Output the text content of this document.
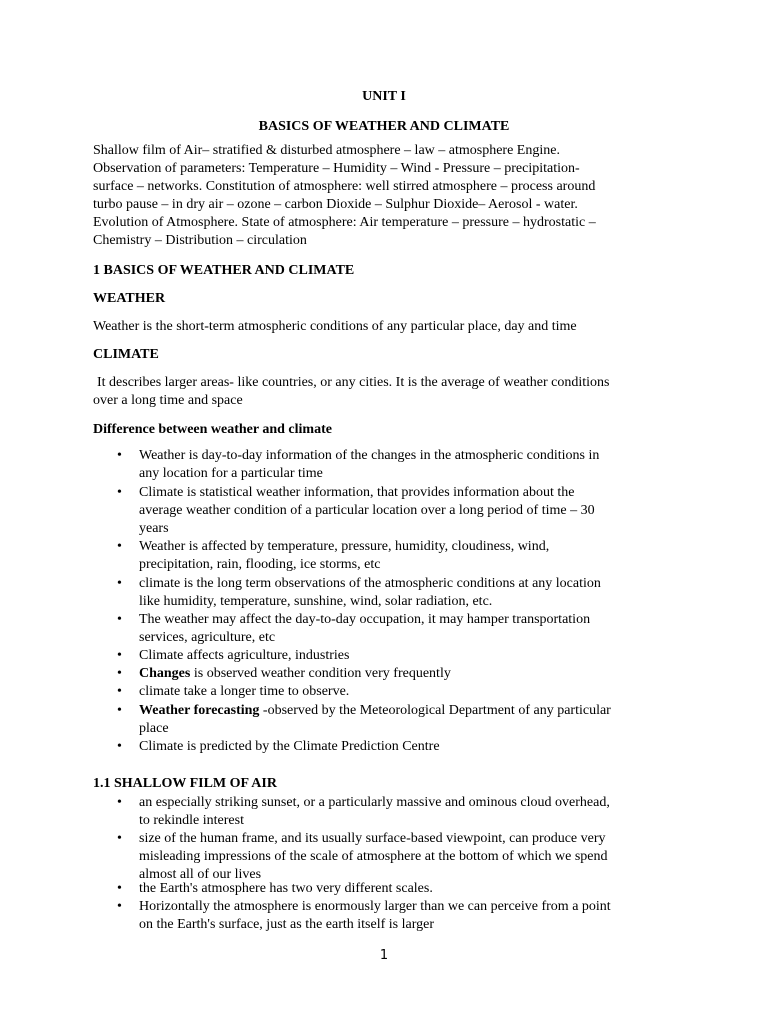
UNIT I
BASICS OF WEATHER AND CLIMATE
Shallow film of Air– stratified & disturbed atmosphere – law – atmosphere Engine.
Observation of parameters: Temperature – Humidity – Wind - Pressure – precipitation-
surface – networks. Constitution of atmosphere: well stirred atmosphere – process around
turbo pause – in dry air – ozone – carbon Dioxide – Sulphur Dioxide– Aerosol - water.
Evolution of Atmosphere. State of atmosphere: Air temperature – pressure – hydrostatic –
Chemistry – Distribution – circulation
1 BASICS OF WEATHER AND CLIMATE
WEATHER
Weather is the short-term atmospheric conditions of any particular place, day and time
CLIMATE
It describes larger areas- like countries, or any cities. It is the average of weather conditions
over a long time and space
Difference between weather and climate
• Weather is day-to-day information of the changes in the atmospheric conditions in
any location for a particular time
• Climate is statistical weather information, that provides information about the
average weather condition of a particular location over a long period of time – 30
years
• Weather is affected by temperature, pressure, humidity, cloudiness, wind,
precipitation, rain, flooding, ice storms, etc
• climate is the long term observations of the atmospheric conditions at any location
like humidity, temperature, sunshine, wind, solar radiation, etc.
• The weather may affect the day-to-day occupation, it may hamper transportation
services, agriculture, etc
• Climate affects agriculture, industries
• Changes is observed weather condition very frequently
• climate take a longer time to observe.
• Weather forecasting -observed by the Meteorological Department of any particular
place
• Climate is predicted by the Climate Prediction Centre
1.1 SHALLOW FILM OF AIR
• an especially striking sunset, or a particularly massive and ominous cloud overhead,
to rekindle interest
• size of the human frame, and its usually surface-based viewpoint, can produce very
misleading impressions of the scale of atmosphere at the bottom of which we spend
almost all of our lives
• the Earth's atmosphere has two very different scales.
• Horizontally the atmosphere is enormously larger than we can perceive from a point
on the Earth's surface, just as the earth itself is larger
1
